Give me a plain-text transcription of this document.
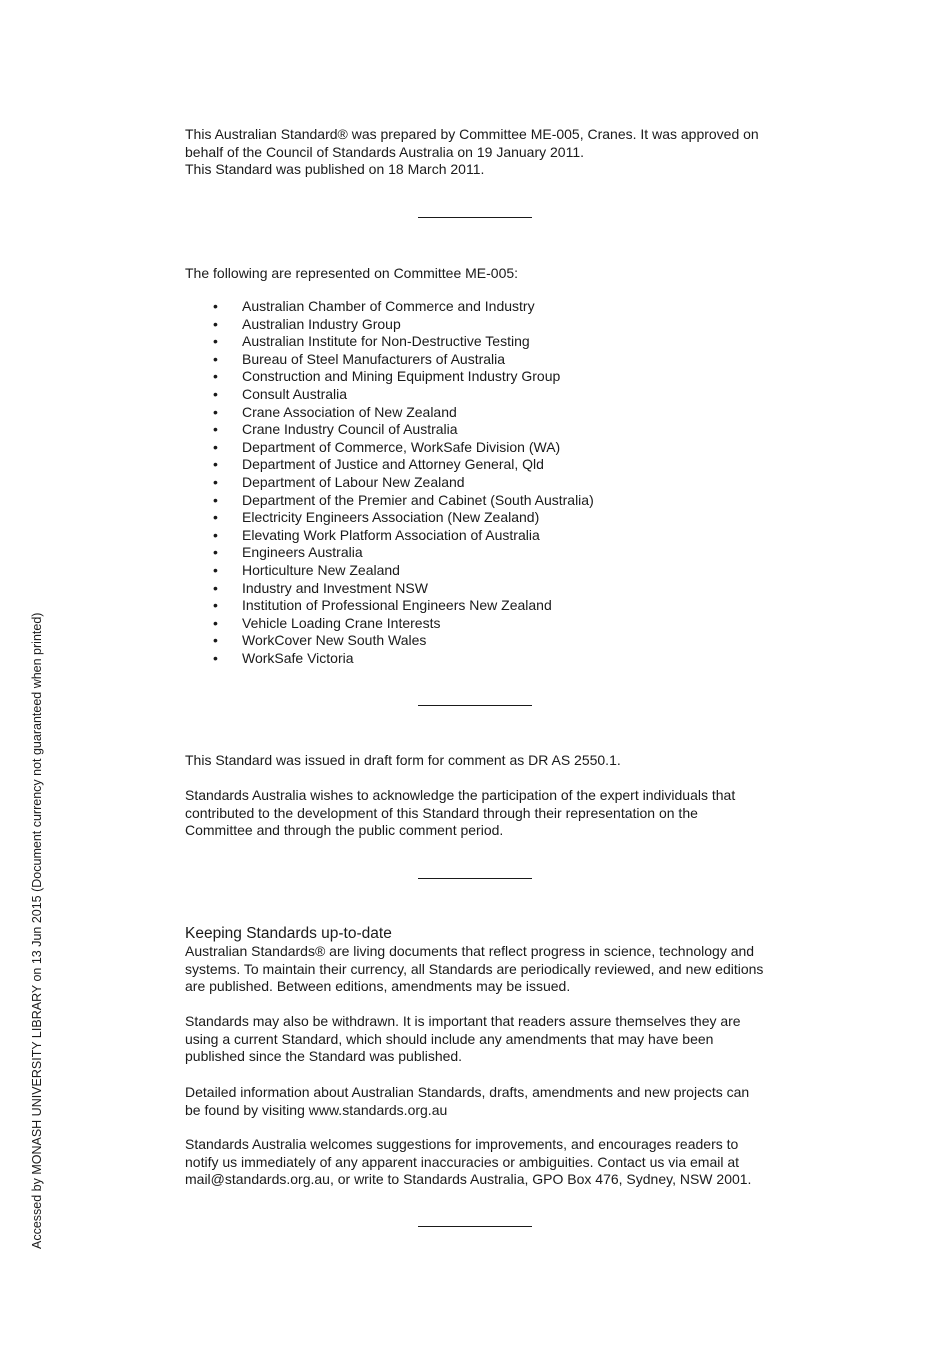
This Australian Standard® was prepared by Committee ME-005, Cranes. It was approved on

behalf of the Council of Standards Australia on 19 January 2011.

This Standard was published on 18 March 2011.

The following are represented on Committee ME-005:

• Australian Chamber of Commerce and Industry
• Australian Industry Group
• Australian Institute for Non-Destructive Testing
• Bureau of Steel Manufacturers of Australia
• Construction and Mining Equipment Industry Group
• Consult Australia
• Crane Association of New Zealand
• Crane Industry Council of Australia
• Department of Commerce, WorkSafe Division (WA)
• Department of Justice and Attorney General, Qld
• Department of Labour New Zealand
• Department of the Premier and Cabinet (South Australia)
• Electricity Engineers Association (New Zealand)
• Elevating Work Platform Association of Australia
• Engineers Australia
• Horticulture New Zealand
• Industry and Investment NSW
• Institution of Professional Engineers New Zealand
• Vehicle Loading Crane Interests
• WorkCover New South Wales
• WorkSafe Victoria

This Standard was issued in draft form for comment as DR AS 2550.1.

Standards Australia wishes to acknowledge the participation of the expert individuals that

contributed to the development of this Standard through their representation on the

Committee and through the public comment period.

Keeping Standards up-to-date

Australian Standards® are living documents that reflect progress in science, technology and

systems. To maintain their currency, all Standards are periodically reviewed, and new editions

are published. Between editions, amendments may be issued.

Standards may also be withdrawn. It is important that readers assure themselves they are

using a current Standard, which should include any amendments that may have been

published since the Standard was published.

Detailed information about Australian Standards, drafts, amendments and new projects can

be found by visiting www.standards.org.au

Standards Australia welcomes suggestions for improvements, and encourages readers to

notify us immediately of any apparent inaccuracies or ambiguities. Contact us via email at

mail@standards.org.au, or write to Standards Australia, GPO Box 476, Sydney, NSW 2001.

Accessed by MONASH UNIVERSITY LIBRARY on 13 Jun 2015 (Document currency not guaranteed when printed)
